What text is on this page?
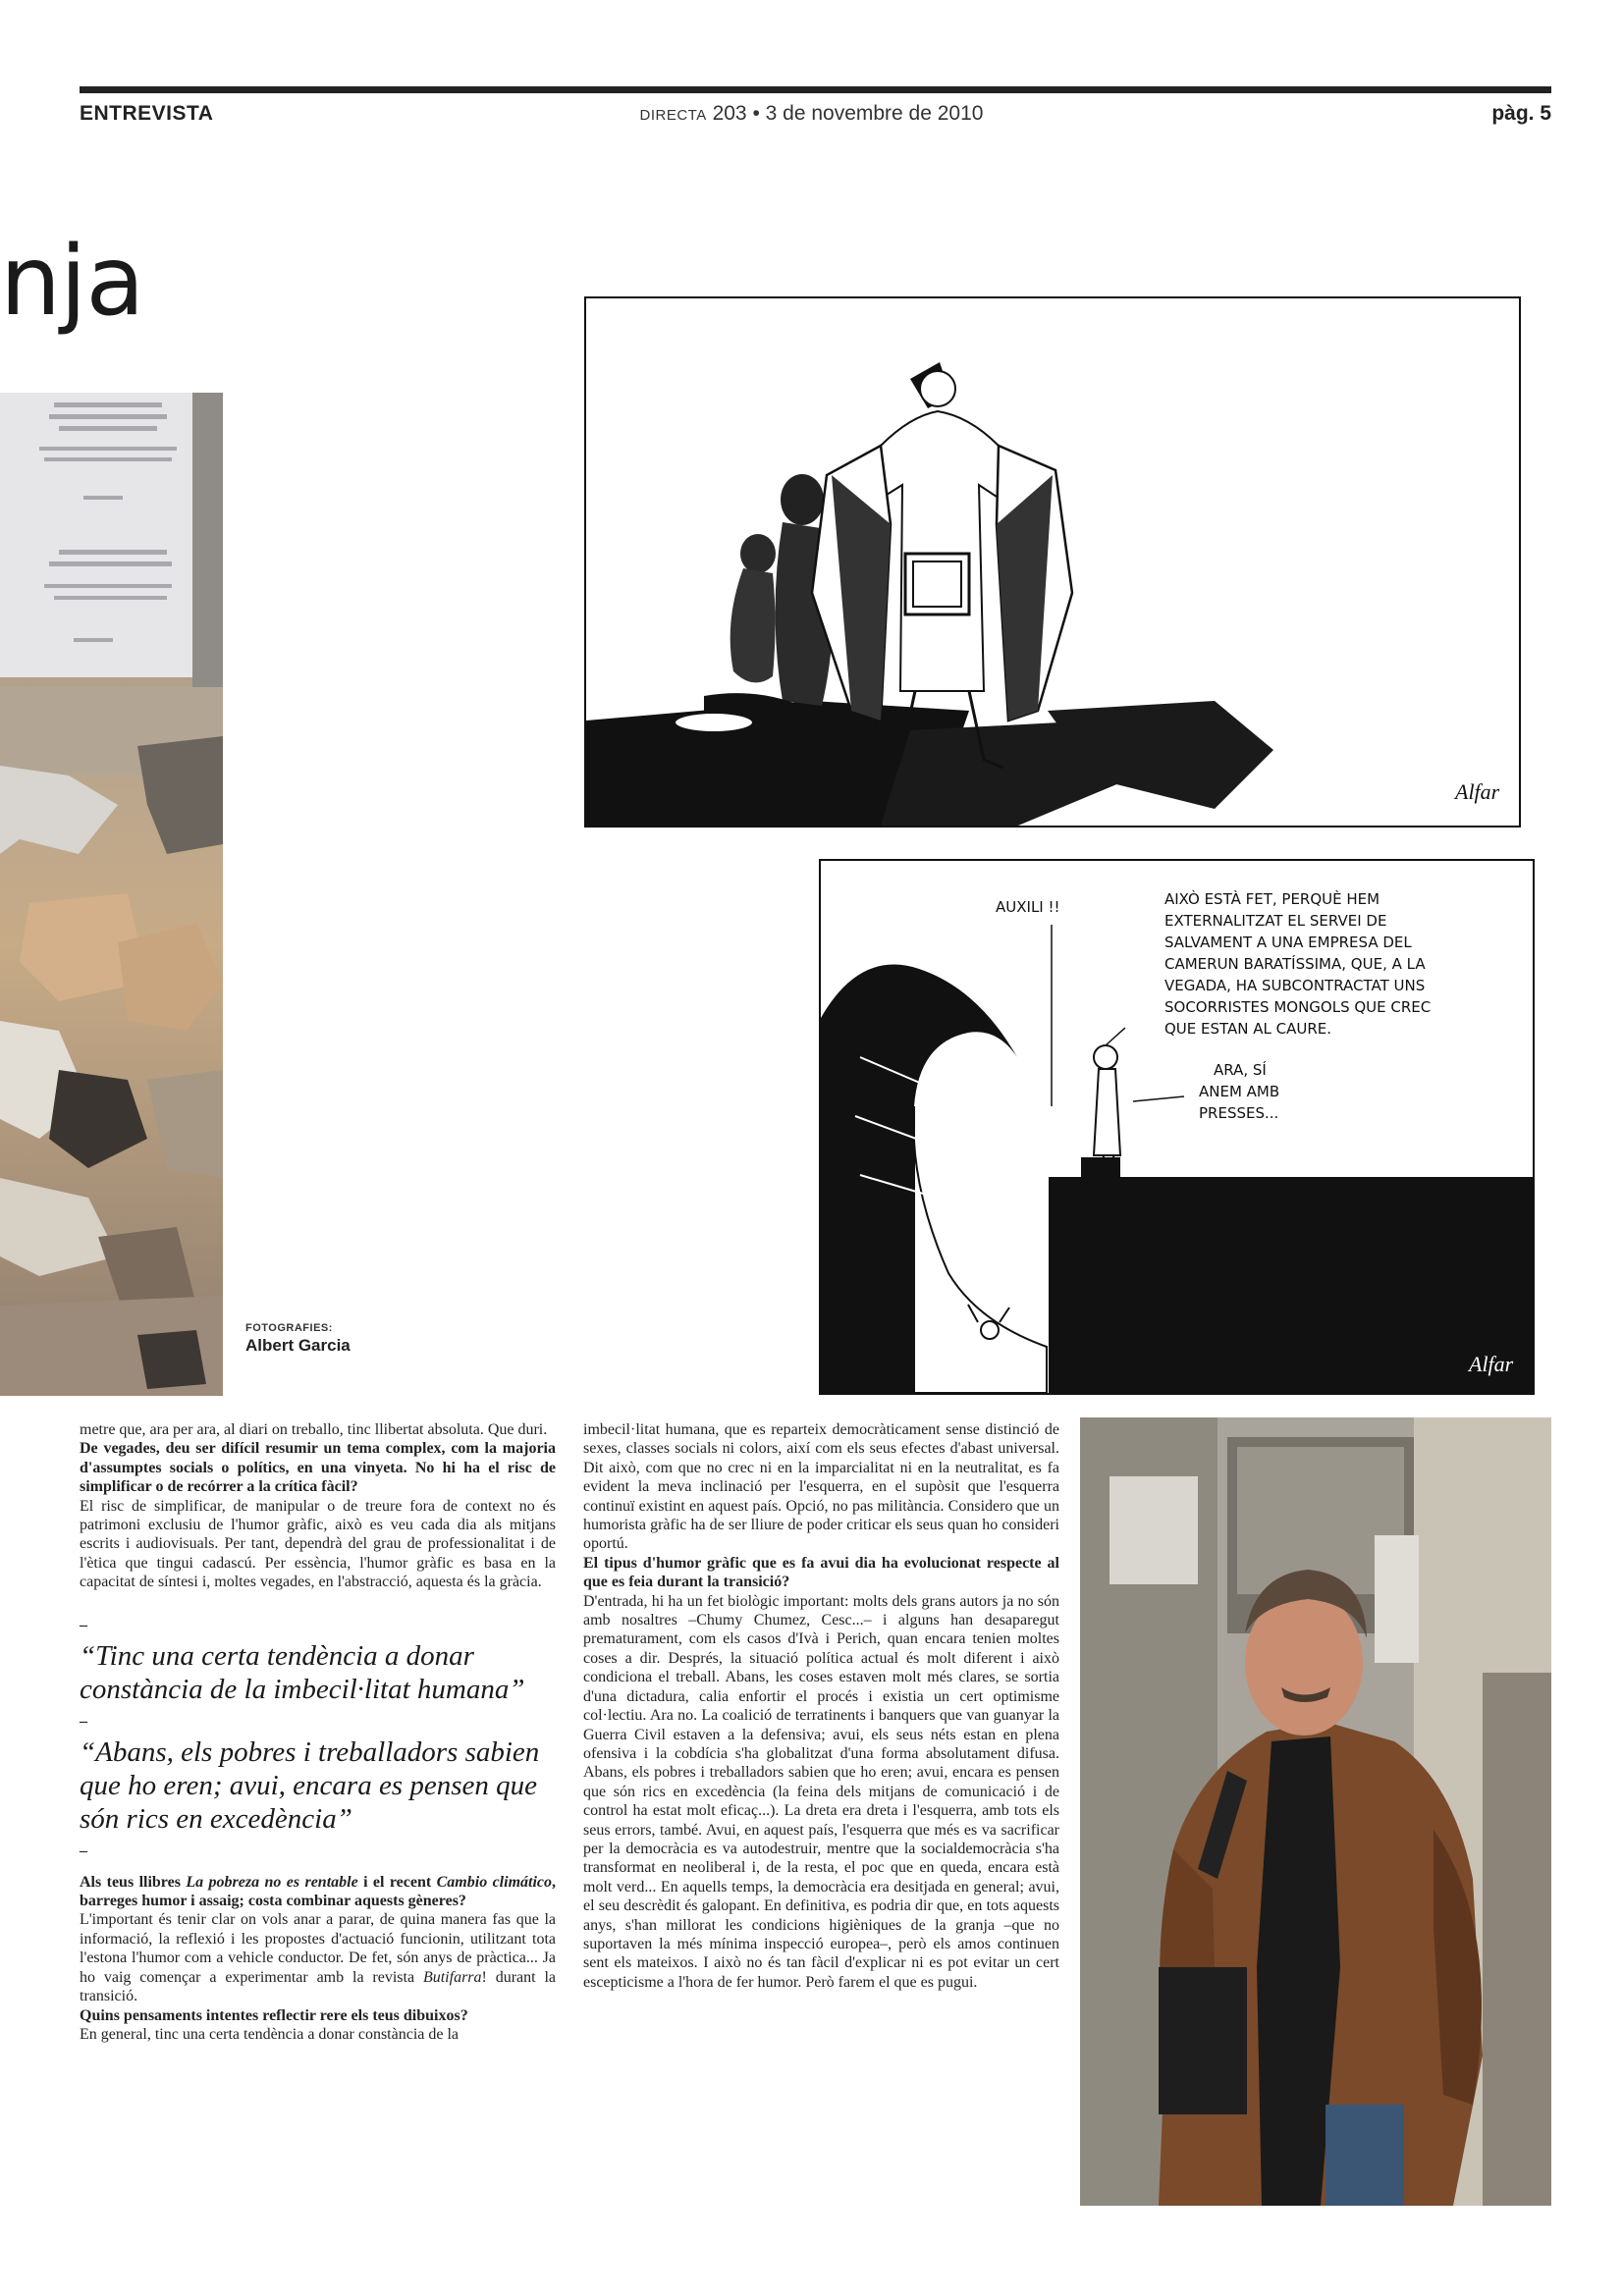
ENTREVISTA	DIRECTA 203 • 3 de novembre de 2010	pàg. 5
nja
FOTOGRAFIES:
Albert Garcia
Alfar
AUXILI !!	AIXÒ ESTÀ FET, PERQUÈ HEM
EXTERNALITZAT EL SERVEI DE
SALVAMENT A UNA EMPRESA DEL
CAMERUN BARATÍSSIMA, QUE, A LA
VEGADA, HA SUBCONTRACTAT UNS
SOCORRISTES MONGOLS QUE CREC
QUE ESTAN AL CAURE.
ARA, SÍ
ANEM AMB
PRESSES...
Alfar

metre que, ara per ara, al diari on treballo, tinc llibertat absoluta. Que duri.

De vegades, deu ser difícil resumir un tema complex, com la majoria d'assumptes socials o polítics, en una vinyeta. No hi ha el risc de simplificar o de recórrer a la crítica fàcil?

El risc de simplificar, de manipular o de treure fora de context no és patrimoni exclusiu de l'humor gràfic, això es veu cada dia als mitjans escrits i audiovisuals. Per tant, dependrà del grau de professionalitat i de l'ètica que tingui cadascú. Per essència, l'humor gràfic es basa en la capacitat de síntesi i, moltes vegades, en l'abstracció, aquesta és la gràcia.

–

“Tinc una certa tendència a donar constància de la imbecil·litat humana”

–

“Abans, els pobres i treballadors sabien que ho eren; avui, encara es pensen que són rics en excedència”

–

Als teus llibres La pobreza no es rentable i el recent Cambio climático, barreges humor i assaig; costa combinar aquests gèneres?

L'important és tenir clar on vols anar a parar, de quina manera fas que la informació, la reflexió i les propostes d'actuació funcionin, utilitzant tota l'estona l'humor com a vehicle conductor. De fet, són anys de pràctica... Ja ho vaig començar a experimentar amb la revista Butifarra! durant la transició.

Quins pensaments intentes reflectir rere els teus dibuixos?

En general, tinc una certa tendència a donar constància de la

imbecil·litat humana, que es reparteix democràticament sense distinció de sexes, classes socials ni colors, així com els seus efectes d'abast universal. Dit això, com que no crec ni en la imparcialitat ni en la neutralitat, es fa evident la meva inclinació per l'esquerra, en el supòsit que l'esquerra continuï existint en aquest país. Opció, no pas militància. Considero que un humorista gràfic ha de ser lliure de poder criticar els seus quan ho consideri oportú.

El tipus d'humor gràfic que es fa avui dia ha evolucionat respecte al que es feia durant la transició?

D'entrada, hi ha un fet biològic important: molts dels grans autors ja no són amb nosaltres –Chumy Chumez, Cesc...– i alguns han desaparegut prematurament, com els casos d'Ivà i Perich, quan encara tenien moltes coses a dir. Després, la situació política actual és molt diferent i això condiciona el treball. Abans, les coses estaven molt més clares, se sortia d'una dictadura, calia enfortir el procés i existia un cert optimisme col·lectiu. Ara no. La coalició de terratinents i banquers que van guanyar la Guerra Civil estaven a la defensiva; avui, els seus néts estan en plena ofensiva i la cobdícia s'ha globalitzat d'una forma absolutament difusa. Abans, els pobres i treballadors sabien que ho eren; avui, encara es pensen que són rics en excedència (la feina dels mitjans de comunicació i de control ha estat molt eficaç...). La dreta era dreta i l'esquerra, amb tots els seus errors, també. Avui, en aquest país, l'esquerra que més es va sacrificar per la democràcia es va autodestruir, mentre que la socialdemocràcia s'ha transformat en neoliberal i, de la resta, el poc que en queda, encara està molt verd... En aquells temps, la democràcia era desitjada en general; avui, el seu descrèdit és galopant. En definitiva, es podria dir que, en tots aquests anys, s'han millorat les condicions higièniques de la granja –que no suportaven la més mínima inspecció europea–, però els amos continuen sent els mateixos. I això no és tan fàcil d'explicar ni es pot evitar un cert escepticisme a l'hora de fer humor. Però farem el que es pugui.
